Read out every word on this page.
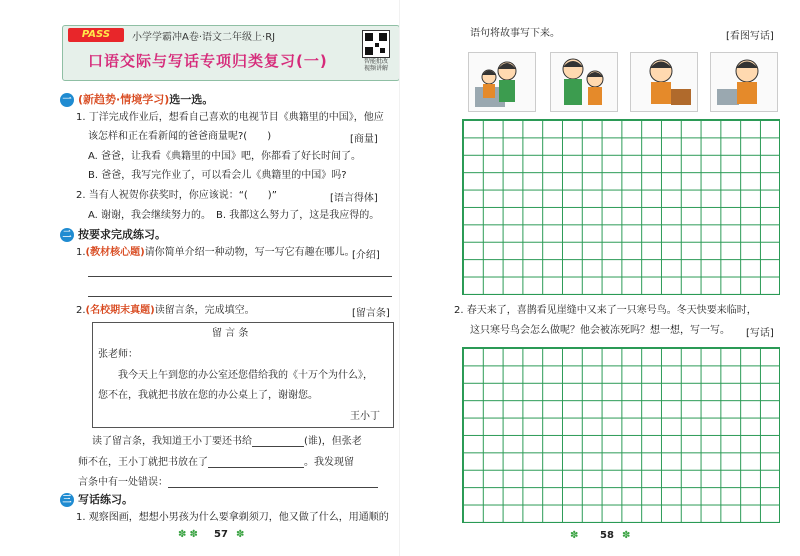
PASS	小学学霸冲A卷·语文二年级上·RJ
口语交际与写话专项归类复习(一)	智能批改
视频讲解
一 (新趋势·情境学习)选一选。
1. 丁洋完成作业后，想看自己喜欢的电视节目《典籍里的中国》，他应
该怎样和正在看新闻的爸爸商量呢?(　　)	[商量]
A. 爸爸，让我看《典籍里的中国》吧，你都看了好长时间了。
B. 爸爸，我写完作业了，可以看会儿《典籍里的中国》吗?
2. 当有人祝贺你获奖时，你应该说：“(　　)”	[语言得体]
A. 谢谢，我会继续努力的。　B. 我都这么努力了，这是我应得的。
二 按要求完成练习。
1.(教材核心题)请你简单介绍一种动物，写一写它有趣在哪儿。
[介绍]
2.(名校期末真题)读留言条，完成填空。	[留言条]
留 言 条
张老师：
我今天上午到您的办公室还您借给我的《十万个为什么》，
您不在，我就把书放在您的办公桌上了，谢谢您。
王小丁
读了留言条，我知道王小丁要还书给	(谁)，但张老
师不在，王小丁就把书放在了	。我发现留
言条中有一处错误：
三 写话练习。
1. 观察图画，想想小男孩为什么要拿剃须刀，他又做了什么，用通顺的
✽ ✽ 57 ✽
语句将故事写下来。	[看图写话]
2. 春天来了，喜鹊看见崖缝中又来了一只寒号鸟。冬天快要来临时，
这只寒号鸟会怎么做呢？他会被冻死吗？想一想，写一写。 [写话]
✽ 58 ✽
